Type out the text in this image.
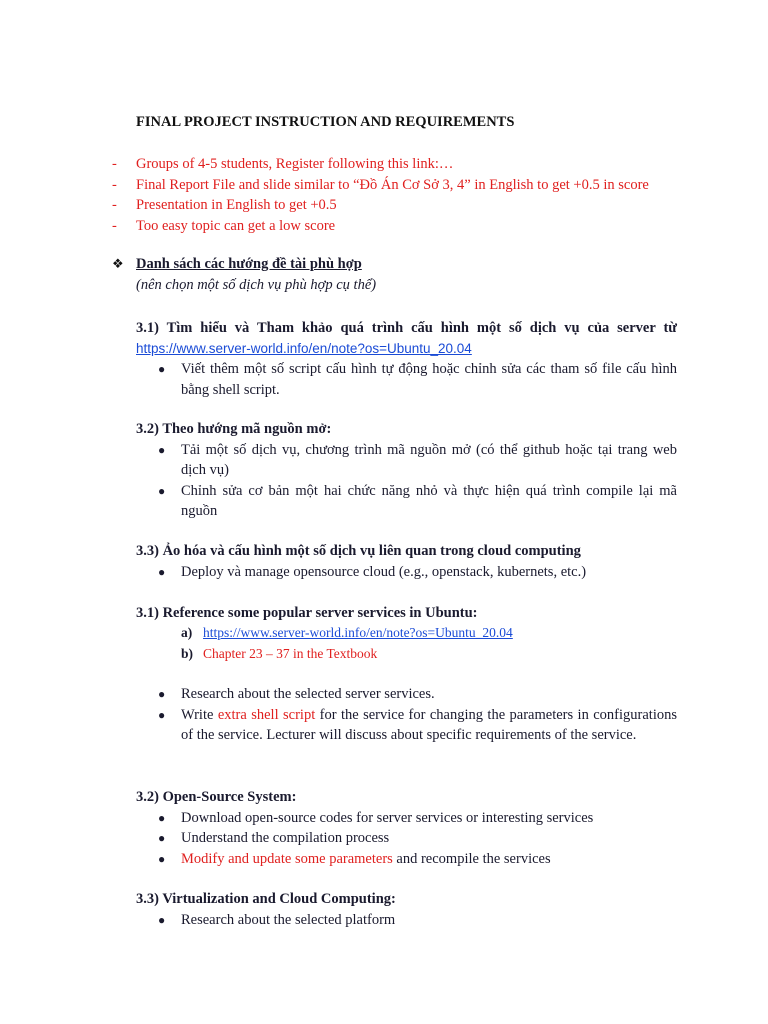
FINAL PROJECT INSTRUCTION AND REQUIREMENTS
- Groups of 4-5 students, Register following this link:…
- Final Report File and slide similar to “Đồ Án Cơ Sở 3, 4” in English to get +0.5 in score
- Presentation in English to get +0.5
- Too easy topic can get a low score
❖ Danh sách các hướng đề tài phù hợp
(nên chọn một số dịch vụ phù hợp cụ thể)
3.1) Tìm hiểu và Tham khảo quá trình cấu hình một số dịch vụ của server từ
https://www.server-world.info/en/note?os=Ubuntu_20.04
● Viết thêm một số script cấu hình tự động hoặc chỉnh sửa các tham số file cấu hình bằng shell script.
3.2) Theo hướng mã nguồn mở:
● Tải một số dịch vụ, chương trình mã nguồn mở (có thể github hoặc tại trang web dịch vụ)
● Chỉnh sửa cơ bản một hai chức năng nhỏ và thực hiện quá trình compile lại mã nguồn
3.3) Ảo hóa và cấu hình một số dịch vụ liên quan trong cloud computing
● Deploy và manage opensource cloud (e.g., openstack, kubernets, etc.)
3.1) Reference some popular server services in Ubuntu:
a) https://www.server-world.info/en/note?os=Ubuntu_20.04
b) Chapter 23 – 37 in the Textbook
● Research about the selected server services.
● Write extra shell script for the service for changing the parameters in configurations of the service. Lecturer will discuss about specific requirements of the service.
3.2) Open-Source System:
● Download open-source codes for server services or interesting services
● Understand the compilation process
● Modify and update some parameters and recompile the services
3.3) Virtualization and Cloud Computing:
● Research about the selected platform
